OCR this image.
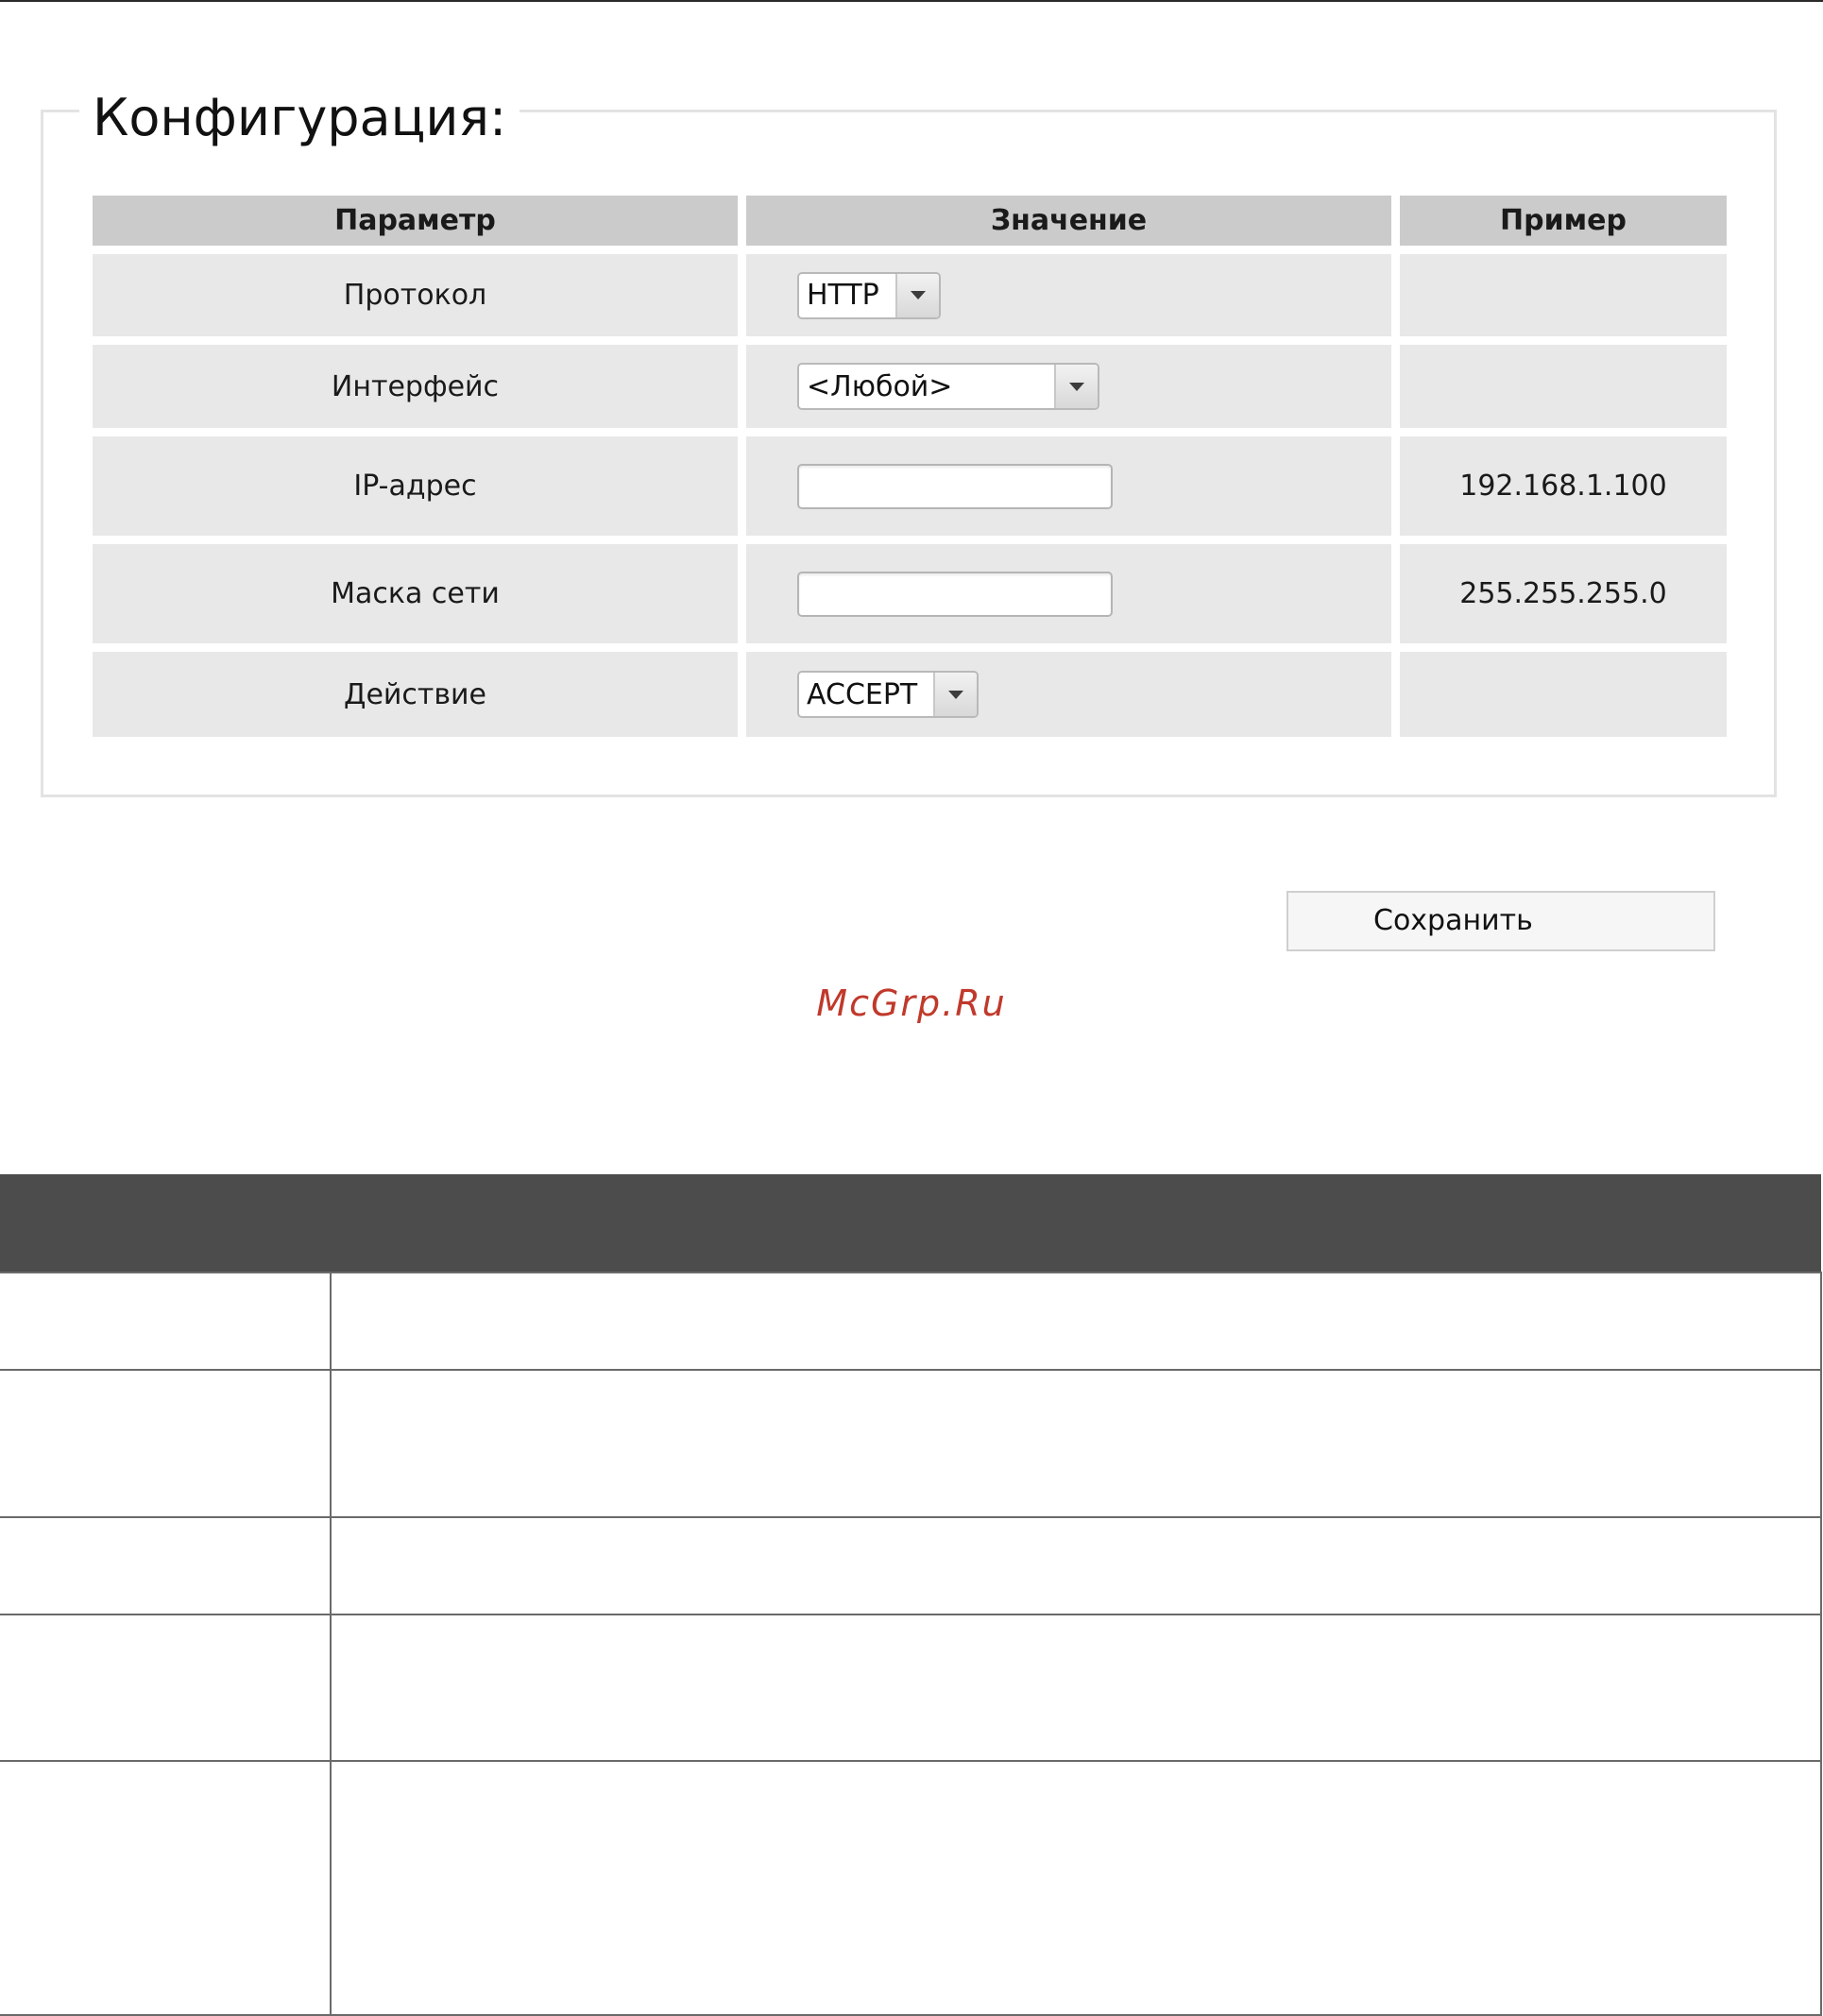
Конфигурация:
Параметр	Значение	Пример
Протокол	HTTP	

Интерфейс	<Любой>	

IP-адрес		192.168.1.100
Маска сети		255.255.255.0
Действие	ACCEPT	

Сохранить
McGrp.Ru
